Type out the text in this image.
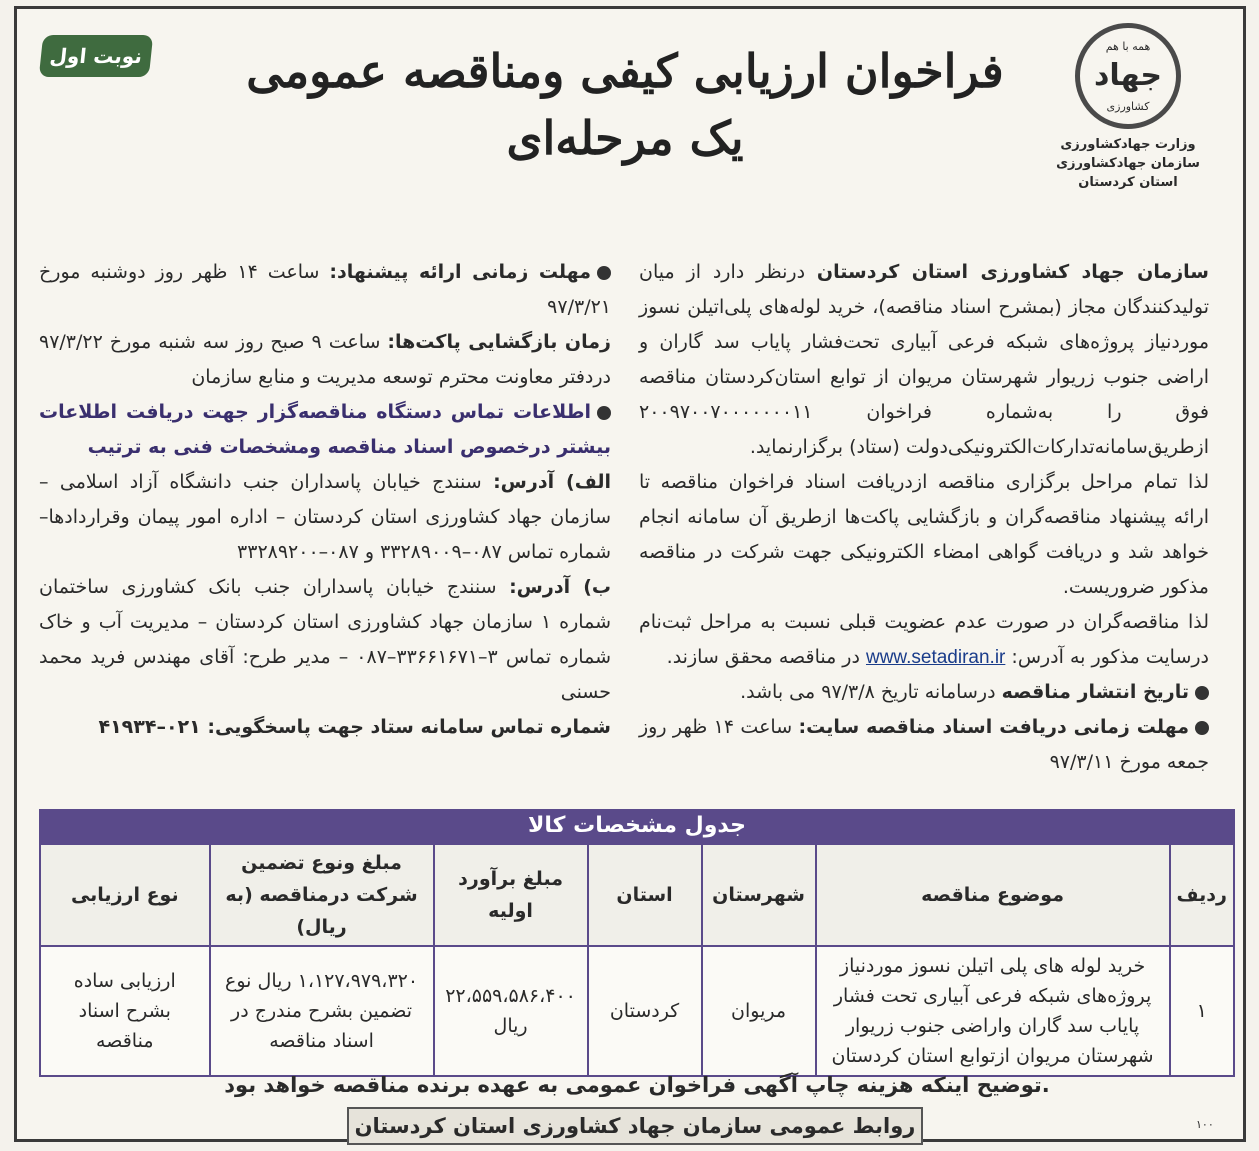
نوبت اول فراخوان ارزیابی کیفی ومناقصه عمومی
یک مرحله‌ای
همه با هم
جهاد
کشاورزی
وزارت جهادکشاورزی
سازمان جهادکشاورزی
استان کردستان
سازمان جهاد کشاورزی استان کردستان درنظر دارد از میان تولیدکنندگان مجاز (بمشرح اسناد مناقصه)، خرید لوله‌های پلی‌اتیلن نسوز موردنیاز پروژه‌های شبکه فرعی آبیاری تحت‌فشار پایاب سد گاران و اراضی جنوب زریوار شهرستان مریوان از توابع استان‌کردستان مناقصه فوق را به‌شماره فراخوان ۲۰۰۹۷۰۰۷۰۰۰۰۰۰۰۱۱ از‌طریق‌سامانه‌تدارکات‌الکترونیکی‌دولت (ستاد) برگزار‌نماید.
لذا تمام مراحل برگزاری مناقصه ازدریافت اسناد فراخوان مناقصه تا ارائه پیشنهاد مناقصه‌گران و بازگشایی پاکت‌ها ازطریق آن سامانه انجام خواهد شد و دریافت گواهی امضاء الکترونیکی جهت شرکت در مناقصه مذکور ضروریست.
لذا مناقصه‌گران در صورت عدم عضویت قبلی نسبت به مراحل ثبت‌نام درسایت مذکور به آدرس: www.setadiran.ir در مناقصه محقق سازند.
تاریخ انتشار مناقصه درسامانه تاریخ ۹۷/۳/۸ می باشد.
مهلت زمانی دریافت اسناد مناقصه سایت: ساعت ۱۴ ظهر روز جمعه مورخ ۹۷/۳/۱۱
مهلت زمانی ارائه پیشنهاد: ساعت ۱۴ ظهر روز دوشنبه مورخ ۹۷/۳/۲۱
زمان بازگشایی پاکت‌ها: ساعت ۹ صبح روز سه شنبه مورخ ۹۷/۳/۲۲ دردفتر معاونت محترم توسعه مدیریت و منابع سازمان
اطلاعات تماس دستگاه مناقصه‌گزار جهت دریافت اطلاعات بیشتر در‌خصوص اسناد مناقصه ومشخصات فنی به ترتیب
الف) آدرس: سنندج خیابان پاسداران جنب دانشگاه آزاد اسلامی – سازمان جهاد کشاورزی استان کردستان – اداره امور پیمان وقراردادها– شماره تماس ۰۸۷–۳۳۲۸۹۰۰۹ و ۰۸۷–۳۳۲۸۹۲۰۰
ب) آدرس: سنندج خیابان پاسداران جنب بانک کشاورزی ساختمان شماره ۱ سازمان جهاد کشاورزی استان کردستان – مدیریت آب و خاک شماره تماس ۳–۳۳۶۶۱۶۷۱–۰۸۷ – مدیر طرح: آقای مهندس فرید محمد حسنی
شماره تماس سامانه ستاد جهت پاسخگویی: ۰۲۱–۴۱۹۳۴
جدول مشخصات کالا
ردیف	موضوع مناقصه	شهرستان	استان	مبلغ برآورد اولیه	مبلغ ونوع تضمین شرکت درمناقصه (به ریال)	نوع ارزیابی
۱	خرید لوله های پلی اتیلن نسوز موردنیاز پروژه‌های شبکه فرعی آبیاری تحت فشار پایاب سد گاران واراضی جنوب زریوار شهرستان مریوان ازتوابع استان کردستان	مریوان	کردستان	۲۲،۵۵۹،۵۸۶،۴۰۰ ریال	۱،۱۲۷،۹۷۹،۳۲۰ ریال نوع تضمین بشرح مندرج در اسناد مناقصه	ارزیابی ساده بشرح اسناد مناقصه
توضیح اینکه هزینه چاپ آگهی فراخوان عمومی به عهده برنده مناقصه خواهد بود.
روابط عمومی سازمان جهاد کشاورزی استان کردستان	۱۰۰
